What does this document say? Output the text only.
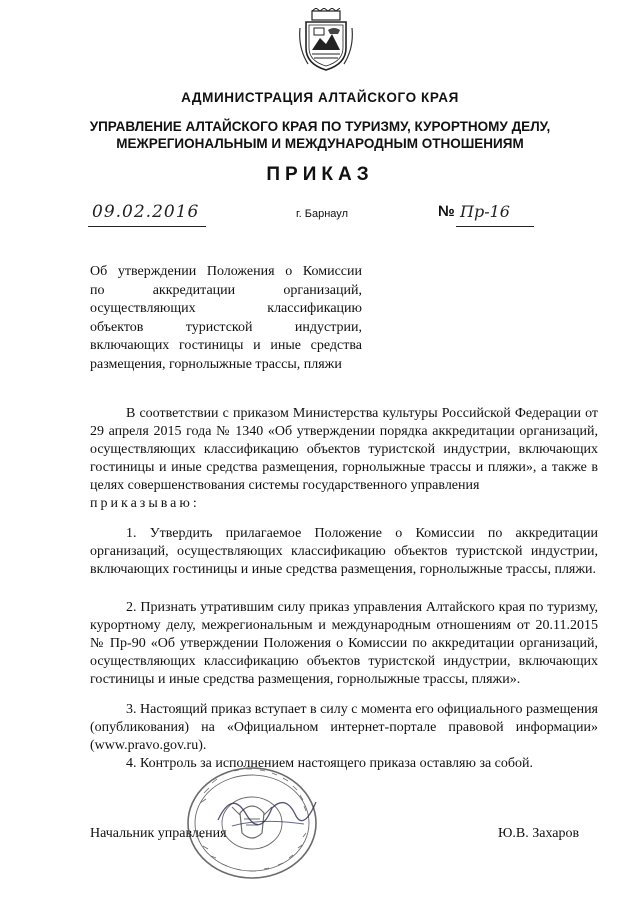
АДМИНИСТРАЦИЯ АЛТАЙСКОГО КРАЯ
УПРАВЛЕНИЕ АЛТАЙСКОГО КРАЯ ПО ТУРИЗМУ, КУРОРТНОМУ ДЕЛУ,
МЕЖРЕГИОНАЛЬНЫМ И МЕЖДУНАРОДНЫМ ОТНОШЕНИЯМ
ПРИКАЗ
09.02.2016	г. Барнаул	№ Пр-16
Об утверждении Положения о Комиссии
по аккредитации организаций,
осуществляющих классификацию
объектов туристской индустрии,
включающих гостиницы и иные средства
размещения, горнолыжные трассы, пляжи
В соответствии с приказом Министерства культуры Российской Федерации от 29 апреля 2015 года № 1340 «Об утверждении порядка аккредитации организаций, осуществляющих классификацию объектов туристской индустрии, включающих гостиницы и иные средства размещения, горнолыжные трассы и пляжи», а также в целях совершенствования системы государственного управления
приказываю:
1. Утвердить прилагаемое Положение о Комиссии по аккредитации организаций, осуществляющих классификацию объектов туристской индустрии, включающих гостиницы и иные средства размещения, горнолыжные трассы, пляжи.
2. Признать утратившим силу приказ управления Алтайского края по туризму, курортному делу, межрегиональным и международным отношениям от 20.11.2015 № Пр-90 «Об утверждении Положения о Комиссии по аккредитации организаций, осуществляющих классификацию объектов туристской индустрии, включающих гостиницы и иные средства размещения, горнолыжные трассы, пляжи».
3. Настоящий приказ вступает в силу с момента его официального размещения (опубликования) на «Официальном интернет-портале правовой информации» (www.pravo.gov.ru).
4. Контроль за исполнением настоящего приказа оставляю за собой.
Начальник управления	Ю.В. Захаров
